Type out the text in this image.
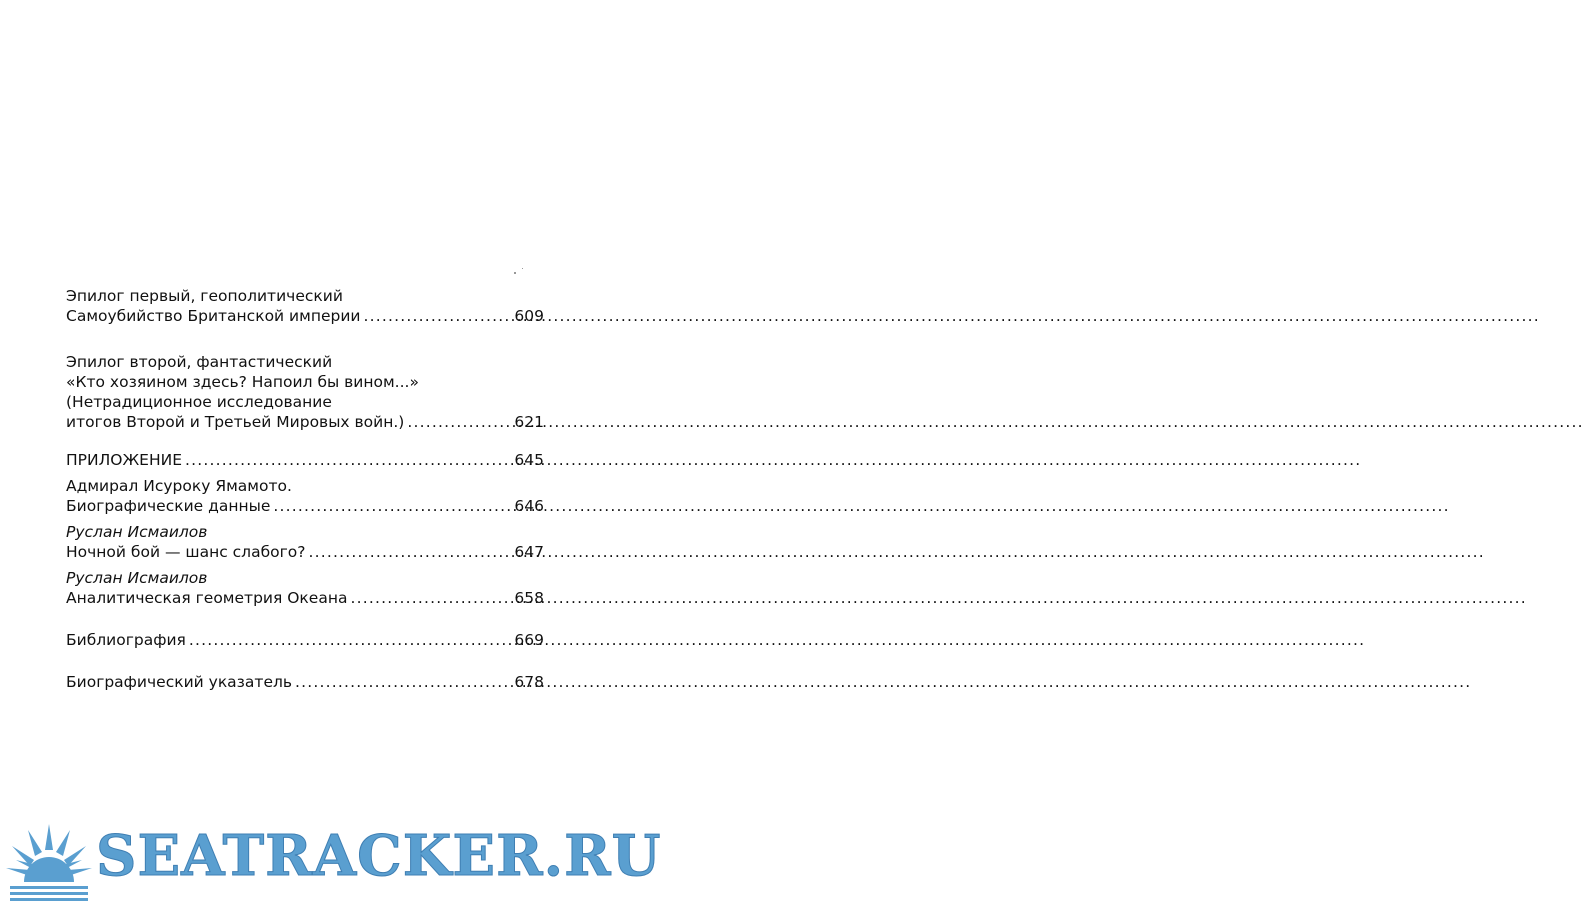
Эпилог первый, геополитический
Самоубийство Британской империи .....	609
Эпилог второй, фантастический
«Кто хозяином здесь? Напоил бы вином...»
(Нетрадиционное исследование
итогов Второй и Третьей Мировых войн.) .....	621
ПРИЛОЖЕНИЕ .....	645
Адмирал Исуроку Ямамото.
Биографические данные .....	646
Руслан Исмаилов
Ночной бой — шанс слабого? .....	647
Руслан Исмаилов
Аналитическая геометрия Океана .....	658
Библиография .....	669
Биографический указатель .....	678
SEATRACKER.RU
